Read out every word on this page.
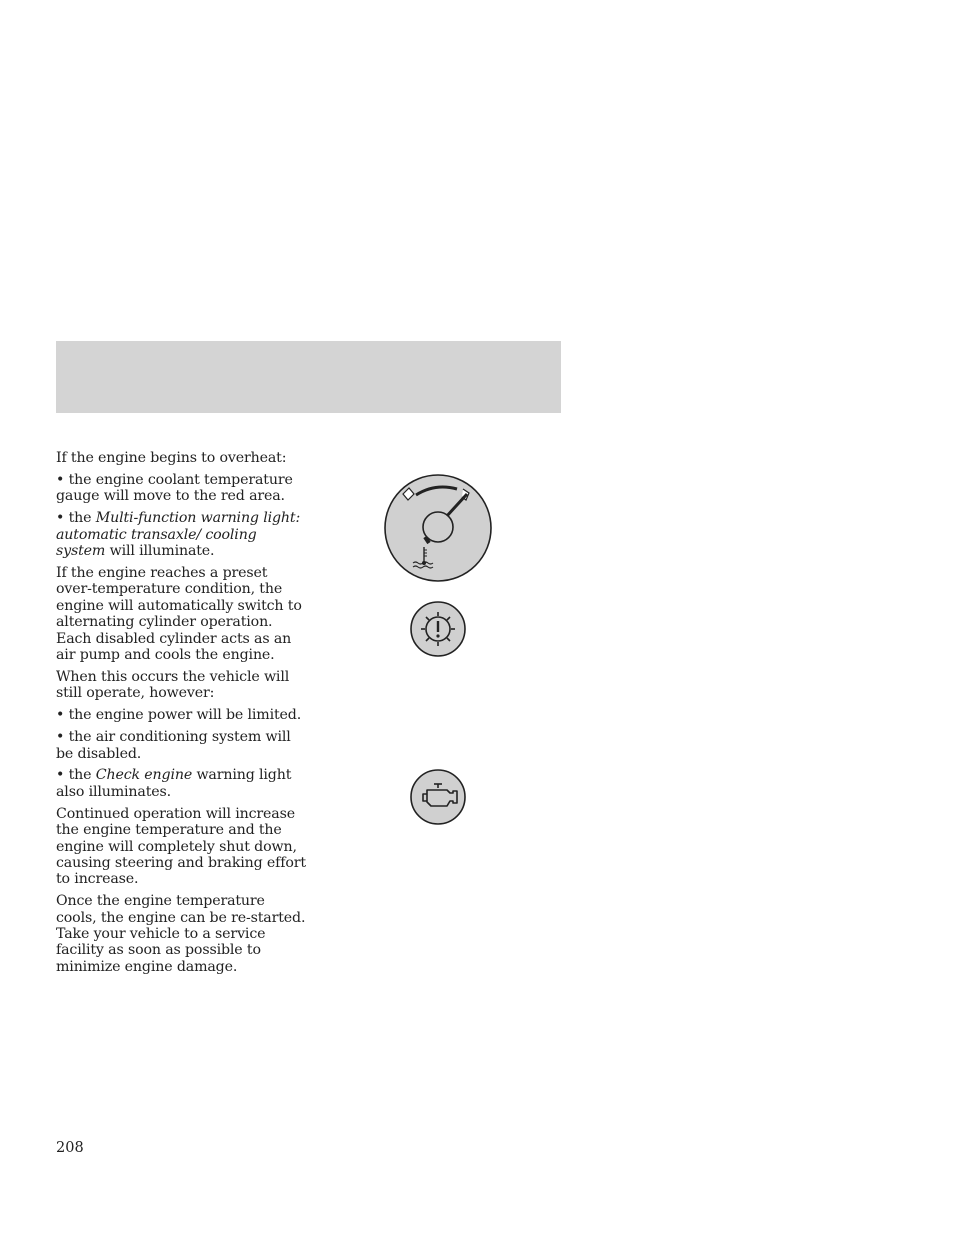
If the engine begins to overheat:

• the engine coolant temperature gauge will move to the red area.

• the Multi-function warning light: automatic transaxle/ cooling system will illuminate.

If the engine reaches a preset over-temperature condition, the engine will automatically switch to alternating cylinder operation. Each disabled cylinder acts as an air pump and cools the engine.

When this occurs the vehicle will still operate, however:

• the engine power will be limited.

• the air conditioning system will be disabled.

• the Check engine warning light also illuminates.

Continued operation will increase the engine temperature and the engine will completely shut down, causing steering and braking effort to increase.

Once the engine temperature cools, the engine can be re-started. Take your vehicle to a service facility as soon as possible to minimize engine damage.

208
